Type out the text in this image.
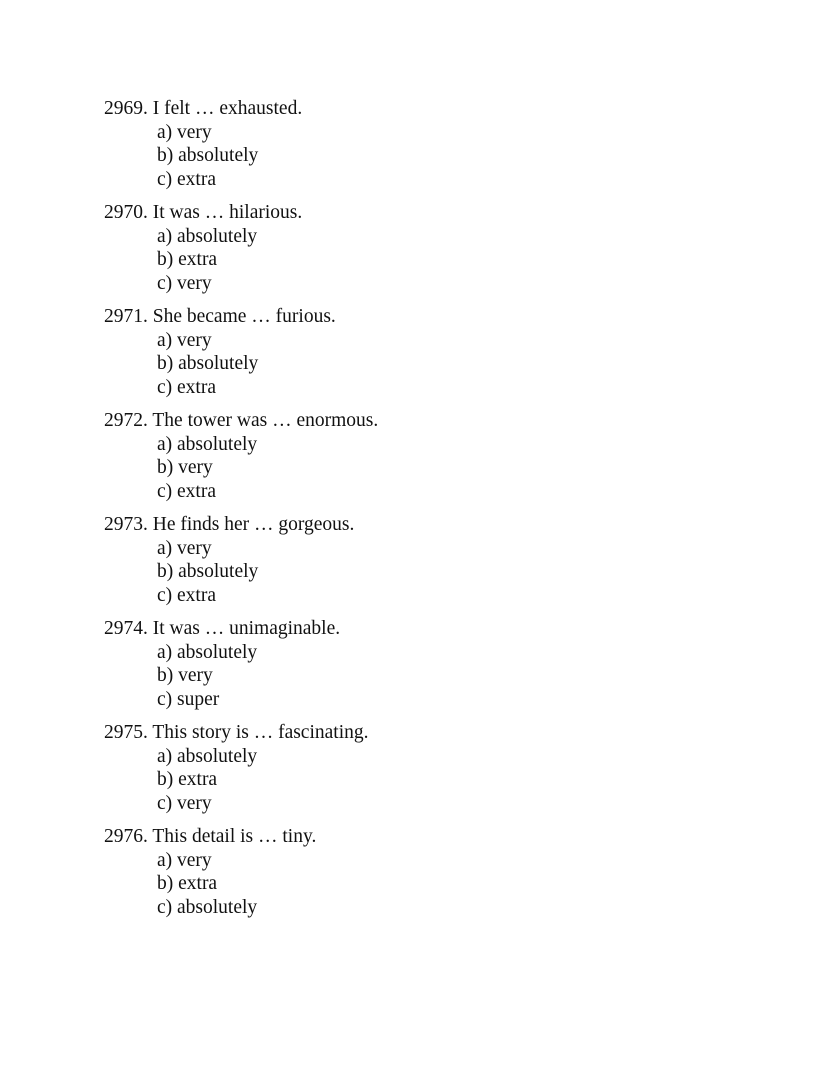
2969. I felt … exhausted.
a) very
b) absolutely
c) extra
2970. It was … hilarious.
a) absolutely
b) extra
c) very
2971. She became … furious.
a) very
b) absolutely
c) extra
2972. The tower was … enormous.
a) absolutely
b) very
c) extra
2973. He finds her … gorgeous.
a) very
b) absolutely
c) extra
2974. It was … unimaginable.
a) absolutely
b) very
c) super
2975. This story is … fascinating.
a) absolutely
b) extra
c) very
2976. This detail is … tiny.
a) very
b) extra
c) absolutely
